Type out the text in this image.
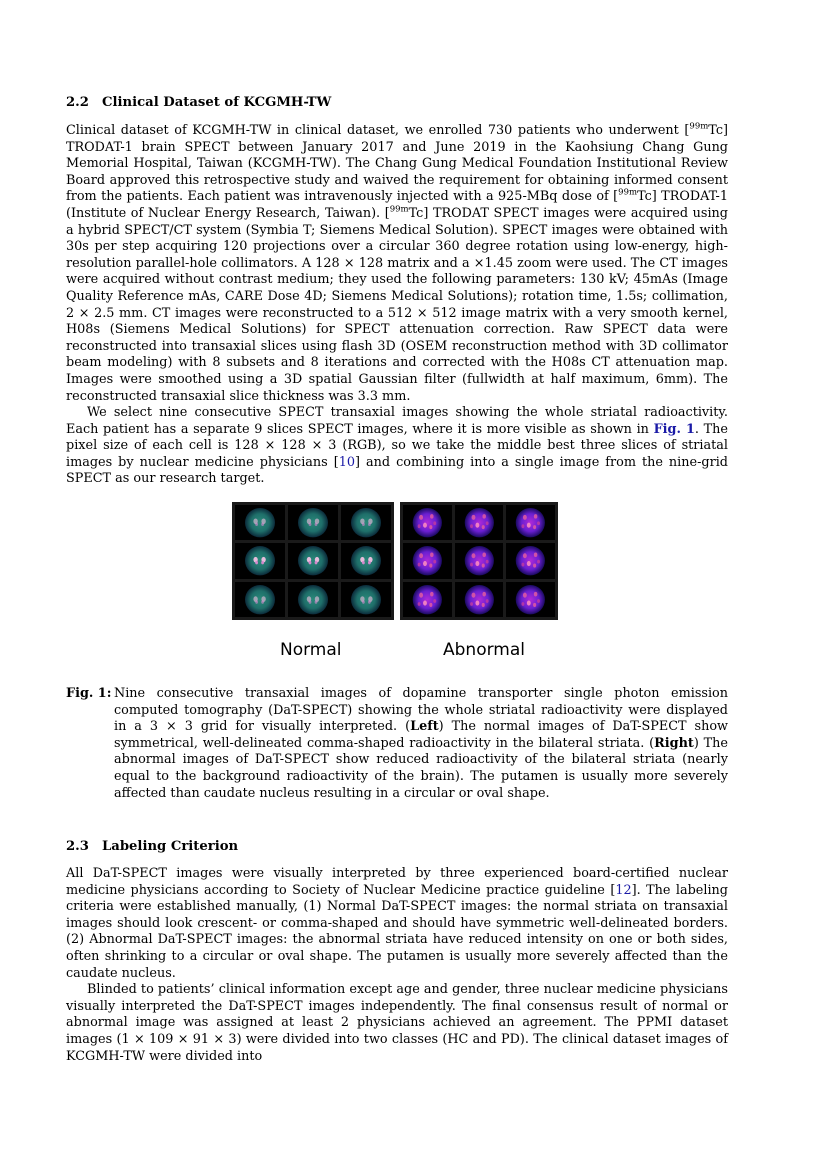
2.2 Clinical Dataset of KCGMH-TW

Clinical dataset of KCGMH-TW in clinical dataset, we enrolled 730 patients who underwent [$^{99m}$Tc] TRODAT-1 brain SPECT between January 2017 and June 2019 in the Kaohsiung Chang Gung Memorial Hospital, Taiwan (KCGMH-TW). The Chang Gung Medical Foundation Institutional Review Board approved this retrospective study and waived the requirement for obtaining informed consent from the patients. Each patient was intravenously injected with a 925-MBq dose of [$^{99m}$Tc] TRODAT-1 (Institute of Nuclear Energy Research, Taiwan). [$^{99m}$Tc] TRODAT SPECT images were acquired using a hybrid SPECT/CT system (Symbia T; Siemens Medical Solution). SPECT images were obtained with 30s per step acquiring 120 projections over a circular 360 degree rotation using low-energy, high-resolution parallel-hole collimators. A 128 × 128 matrix and a ×1.45 zoom were used. The CT images were acquired without contrast medium; they used the following parameters: 130 kV; 45mAs (Image Quality Reference mAs, CARE Dose 4D; Siemens Medical Solutions); rotation time, 1.5s; collimation, 2 × 2.5 mm. CT images were reconstructed to a 512 × 512 image matrix with a very smooth kernel, H08s (Siemens Medical Solutions) for SPECT attenuation correction. Raw SPECT data were reconstructed into transaxial slices using flash 3D (OSEM reconstruction method with 3D collimator beam modeling) with 8 subsets and 8 iterations and corrected with the H08s CT attenuation map. Images were smoothed using a 3D spatial Gaussian filter (fullwidth at half maximum, 6mm). The reconstructed transaxial slice thickness was 3.3 mm.

We select nine consecutive SPECT transaxial images showing the whole striatal radioactivity. Each patient has a separate 9 slices SPECT images, where it is more visible as shown in Fig. 1. The pixel size of each cell is 128 × 128 × 3 (RGB), so we take the middle best three slices of striatal images by nuclear medicine physicians [10] and combining into a single image from the nine-grid SPECT as our research target.

Normal	Abnormal
Fig. 1: Nine consecutive transaxial images of dopamine transporter single photon emission computed tomography (DaT-SPECT) showing the whole striatal radioactivity were displayed in a 3 × 3 grid for visually interpreted. (Left) The normal images of DaT-SPECT show symmetrical, well-delineated comma-shaped radioactivity in the bilateral striata. (Right) The abnormal images of DaT-SPECT show reduced radioactivity of the bilateral striata (nearly equal to the background radioactivity of the brain). The putamen is usually more severely affected than caudate nucleus resulting in a circular or oval shape.

2.3 Labeling Criterion

All DaT-SPECT images were visually interpreted by three experienced board-certified nuclear medicine physicians according to Society of Nuclear Medicine practice guideline [12]. The labeling criteria were established manually, (1) Normal DaT-SPECT images: the normal striata on transaxial images should look crescent- or comma-shaped and should have symmetric well-delineated borders. (2) Abnormal DaT-SPECT images: the abnormal striata have reduced intensity on one or both sides, often shrinking to a circular or oval shape. The putamen is usually more severely affected than the caudate nucleus.

Blinded to patients’ clinical information except age and gender, three nuclear medicine physicians visually interpreted the DaT-SPECT images independently. The final consensus result of normal or abnormal image was assigned at least 2 physicians achieved an agreement. The PPMI dataset images (1 × 109 × 91 × 3) were divided into two classes (HC and PD). The clinical dataset images of KCGMH-TW were divided into
